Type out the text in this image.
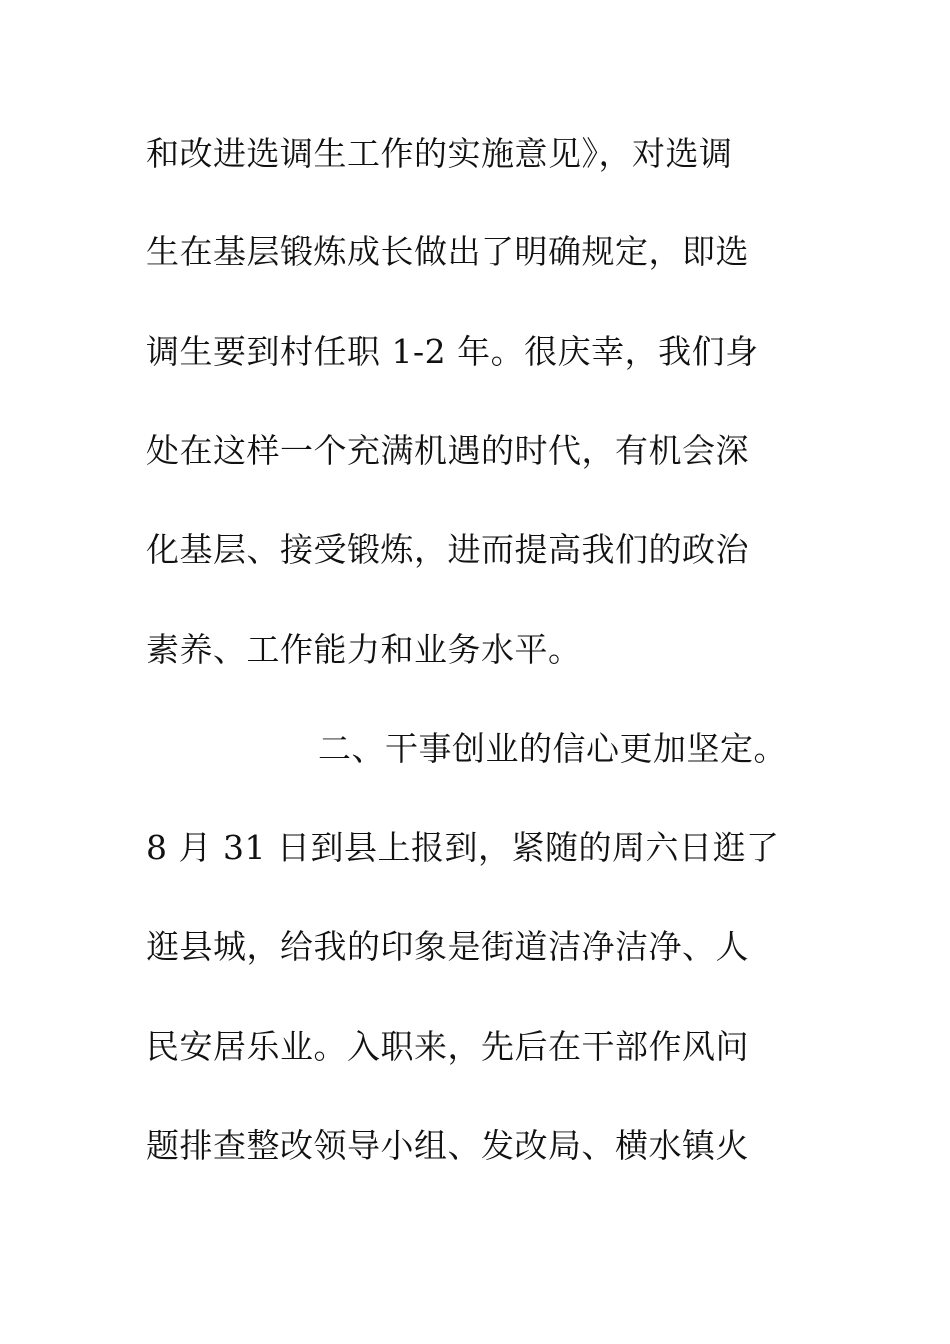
和改进选调生工作的实施意见》，对选调
生在基层锻炼成长做出了明确规定，即选
调生要到村任职 1-2 年。很庆幸，我们身
处在这样一个充满机遇的时代，有机会深
化基层、接受锻炼，进而提高我们的政治
素养、工作能力和业务水平。
二、干事创业的信心更加坚定。
8 月 31 日到县上报到，紧随的周六日逛了
逛县城，给我的印象是街道洁净洁净、人
民安居乐业。入职来，先后在干部作风问
题排查整改领导小组、发改局、横水镇火
